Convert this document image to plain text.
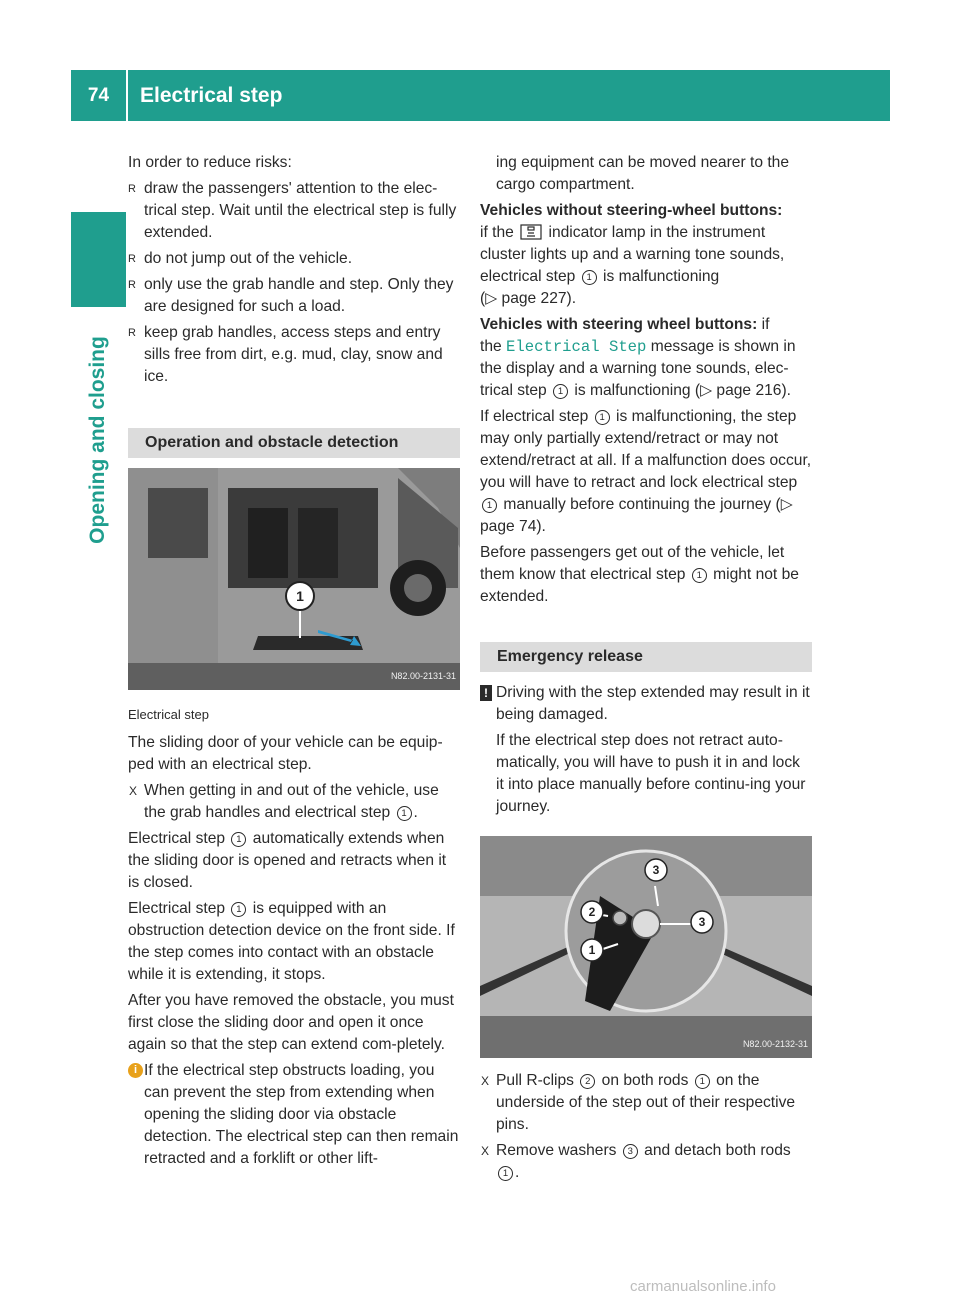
74	Electrical step
Opening and closing

In order to reduce risks:

R draw the passengers' attention to the elec-trical step. Wait until the electrical step is fully extended.
R do not jump out of the vehicle.
R only use the grab handle and step. Only they are designed for such a load.
R keep grab handles, access steps and entry sills free from dirt, e.g. mud, clay, snow and ice.
Operation and obstacle detection
1
N82.00-2131-31

Electrical step

The sliding door of your vehicle can be equip-ped with an electrical step.

X When getting in and out of the vehicle, use the grab handles and electrical step 1 .

Electrical step 1 automatically extends when the sliding door is opened and retracts when it is closed.

Electrical step 1 is equipped with an obstruction detection device on the front side. If the step comes into contact with an obstacle while it is extending, it stops.

After you have removed the obstacle, you must first close the sliding door and open it once again so that the step can extend com-pletely.

i If the electrical step obstructs loading, you can prevent the step from extending when opening the sliding door via obstacle detection. The electrical step can then remain retracted and a forklift or other lift-

ing equipment can be moved nearer to the cargo compartment.

Vehicles without steering-wheel buttons:

if the indicator lamp in the instrument cluster lights up and a warning tone sounds, electrical step 1 is malfunctioning
(▷ page 227).

Vehicles with steering wheel buttons: if
the Electrical Step message is shown in the display and a warning tone sounds, elec-trical step 1 is malfunctioning (▷ page 216).

If electrical step 1 is malfunctioning, the step may only partially extend/retract or may not extend/retract at all. If a malfunction does occur, you will have to retract and lock electrical step 1 manually before continuing the journey (▷ page 74).

Before passengers get out of the vehicle, let them know that electrical step 1 might not be extended.

Emergency release
! Driving with the step extended may result in it being damaged.

If the electrical step does not retract auto-matically, you will have to push it in and lock it into place manually before continu-ing your journey.

3
3
2
1
N82.00-2132-31
X Pull R-clips 2 on both rods 1 on the underside of the step out of their respective pins.
X Remove washers 3 and detach both rods 1 .
carmanualsonline.info
